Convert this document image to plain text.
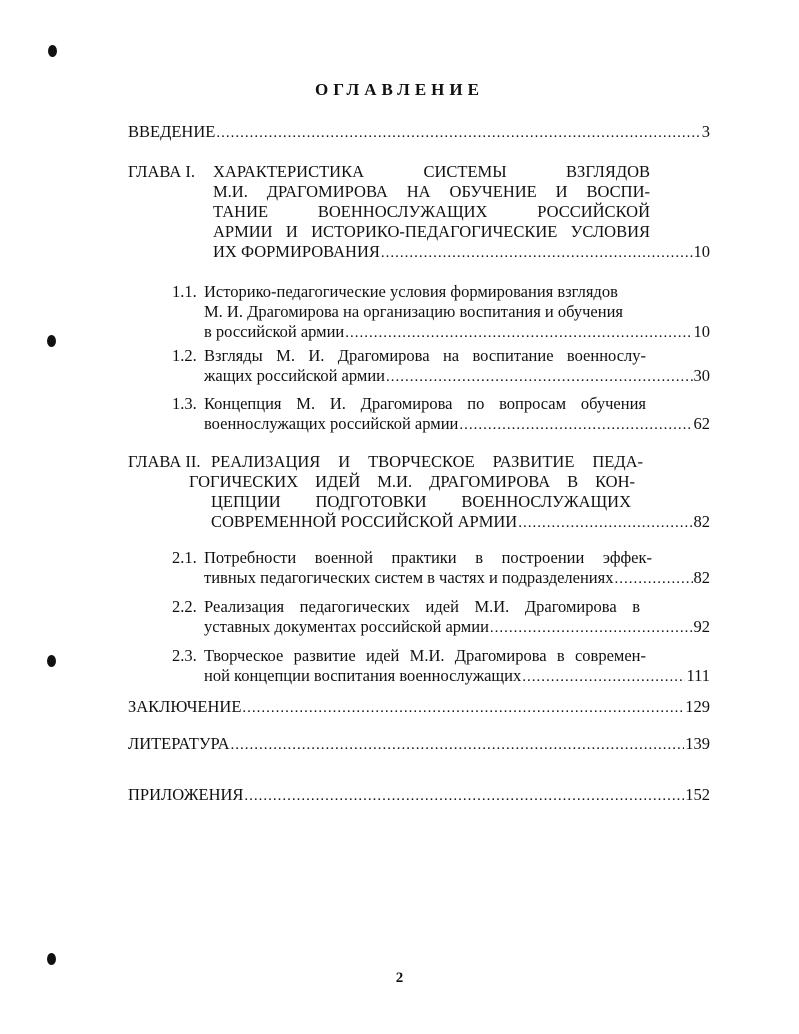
ОГЛАВЛЕНИЕ
ВВЕДЕНИЕ .....	3
ГЛАВА I. ХАРАКТЕРИСТИКА СИСТЕМЫ ВЗГЛЯДОВ
М.И. ДРАГОМИРОВА НА ОБУЧЕНИЕ И ВОСПИ-
ТАНИЕ ВОЕННОСЛУЖАЩИХ РОССИЙСКОЙ
АРМИИ И ИСТОРИКО-ПЕДАГОГИЧЕСКИЕ УСЛОВИЯ
ИХ ФОРМИРОВАНИЯ .....	10
1.1. Историко-педагогические условия формирования взглядов
М. И. Драгомирова на организацию воспитания и обучения
в российской армии .....	10
1.2. Взгляды М. И. Драгомирова на воспитание военнослу-
жащих российской армии .....	30
1.3. Концепция М. И. Драгомирова по вопросам обучения
военнослужащих российской армии .....	62
ГЛАВА II. РЕАЛИЗАЦИЯ И ТВОРЧЕСКОЕ РАЗВИТИЕ ПЕДА-
ГОГИЧЕСКИХ ИДЕЙ М.И. ДРАГОМИРОВА В КОН-
ЦЕПЦИИ ПОДГОТОВКИ ВОЕННОСЛУЖАЩИХ
СОВРЕМЕННОЙ РОССИЙСКОЙ АРМИИ .....	82
2.1. Потребности военной практики в построении эффек-
тивных педагогических систем в частях и подразделениях .....	82
2.2. Реализация педагогических идей М.И. Драгомирова в
уставных документах российской армии .....	92
2.3. Творческое развитие идей М.И. Драгомирова в современ-
ной концепции воспитания военнослужащих .....	111
ЗАКЛЮЧЕНИЕ .....	129
ЛИТЕРАТУРА .....	139
ПРИЛОЖЕНИЯ .....	152
2
